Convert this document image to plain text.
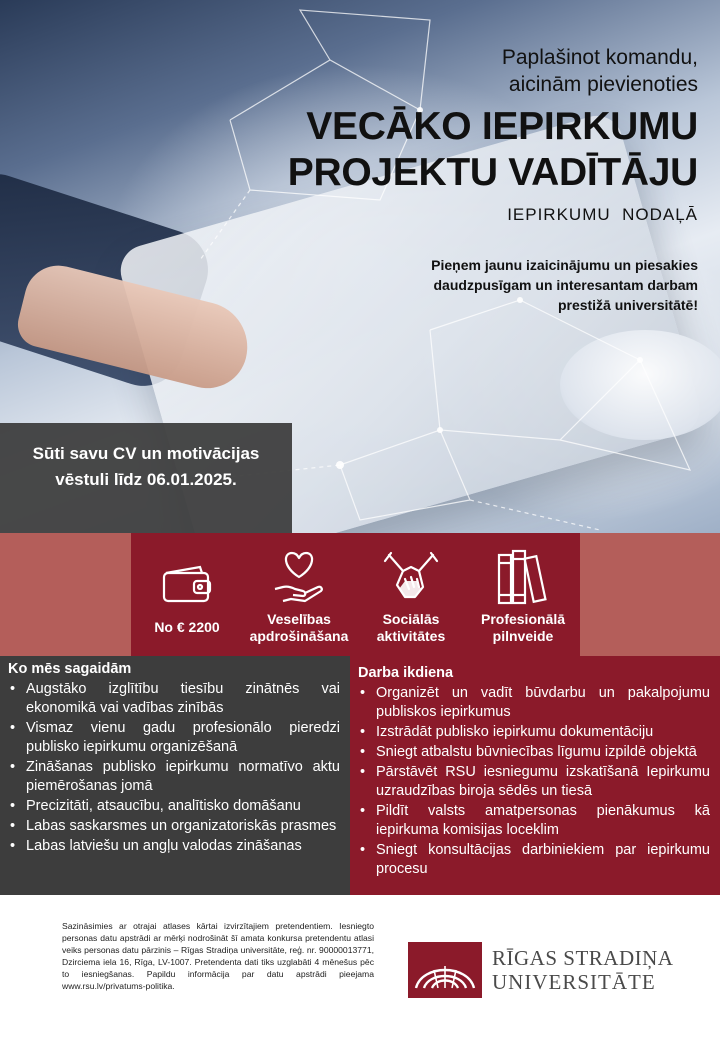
Paplašinot komandu,
aicinām pievienoties
VECĀKO IEPIRKUMU
PROJEKTU VADĪTĀJU
IEPIRKUMU  NODAĻĀ
Pieņem jaunu izaicinājumu un piesakies
daudzpusīgam un interesantam darbam
prestižā universitātē!
Sūti savu CV un motivācijas
vēstuli līdz 06.01.2025.
No € 2200	Veselības
apdrošināšana
Sociālās
aktivitātes
Profesionālā
pilnveide
Ko mēs sagaidām
• Augstāko izglītību tiesību zinātnēs vai ekonomikā vai vadības zinībās
• Vismaz vienu gadu profesionālo pieredzi publisko iepirkumu organizēšanā
• Zināšanas publisko iepirkumu normatīvo aktu piemērošanas jomā
• Precizitāti, atsaucību, analītisko domāšanu
• Labas saskarsmes un organizatoriskās prasmes
• Labas latviešu un angļu valodas zināšanas
Darba ikdiena
• Organizēt un vadīt būvdarbu un pakalpojumu publiskos iepirkumus
• Izstrādāt publisko iepirkumu dokumentāciju
• Sniegt atbalstu būvniecības līgumu izpildē objektā
• Pārstāvēt RSU iesniegumu izskatīšanā Iepirkumu uzraudzības biroja sēdēs un tiesā
• Pildīt valsts amatpersonas pienākumus kā iepirkuma komisijas loceklim
• Sniegt konsultācijas darbiniekiem par iepirkumu procesu
Sazināsimies ar otrajai atlases kārtai izvirzītajiem pretendentiem. Iesniegto personas datu apstrādi ar mērķi nodrošināt šī amata konkursa pretendentu atlasi veiks personas datu pārzinis – Rīgas Stradiņa universitāte, reģ. nr. 90000013771, Dzirciema iela 16, Rīga, LV-1007. Pretendenta dati tiks uzglabāti 4 mēnešus pēc to iesniegšanas. Papildu informācija par datu apstrādi pieejama www.rsu.lv/privatums-politika.
RĪGAS STRADIŅA
UNIVERSITĀTE
